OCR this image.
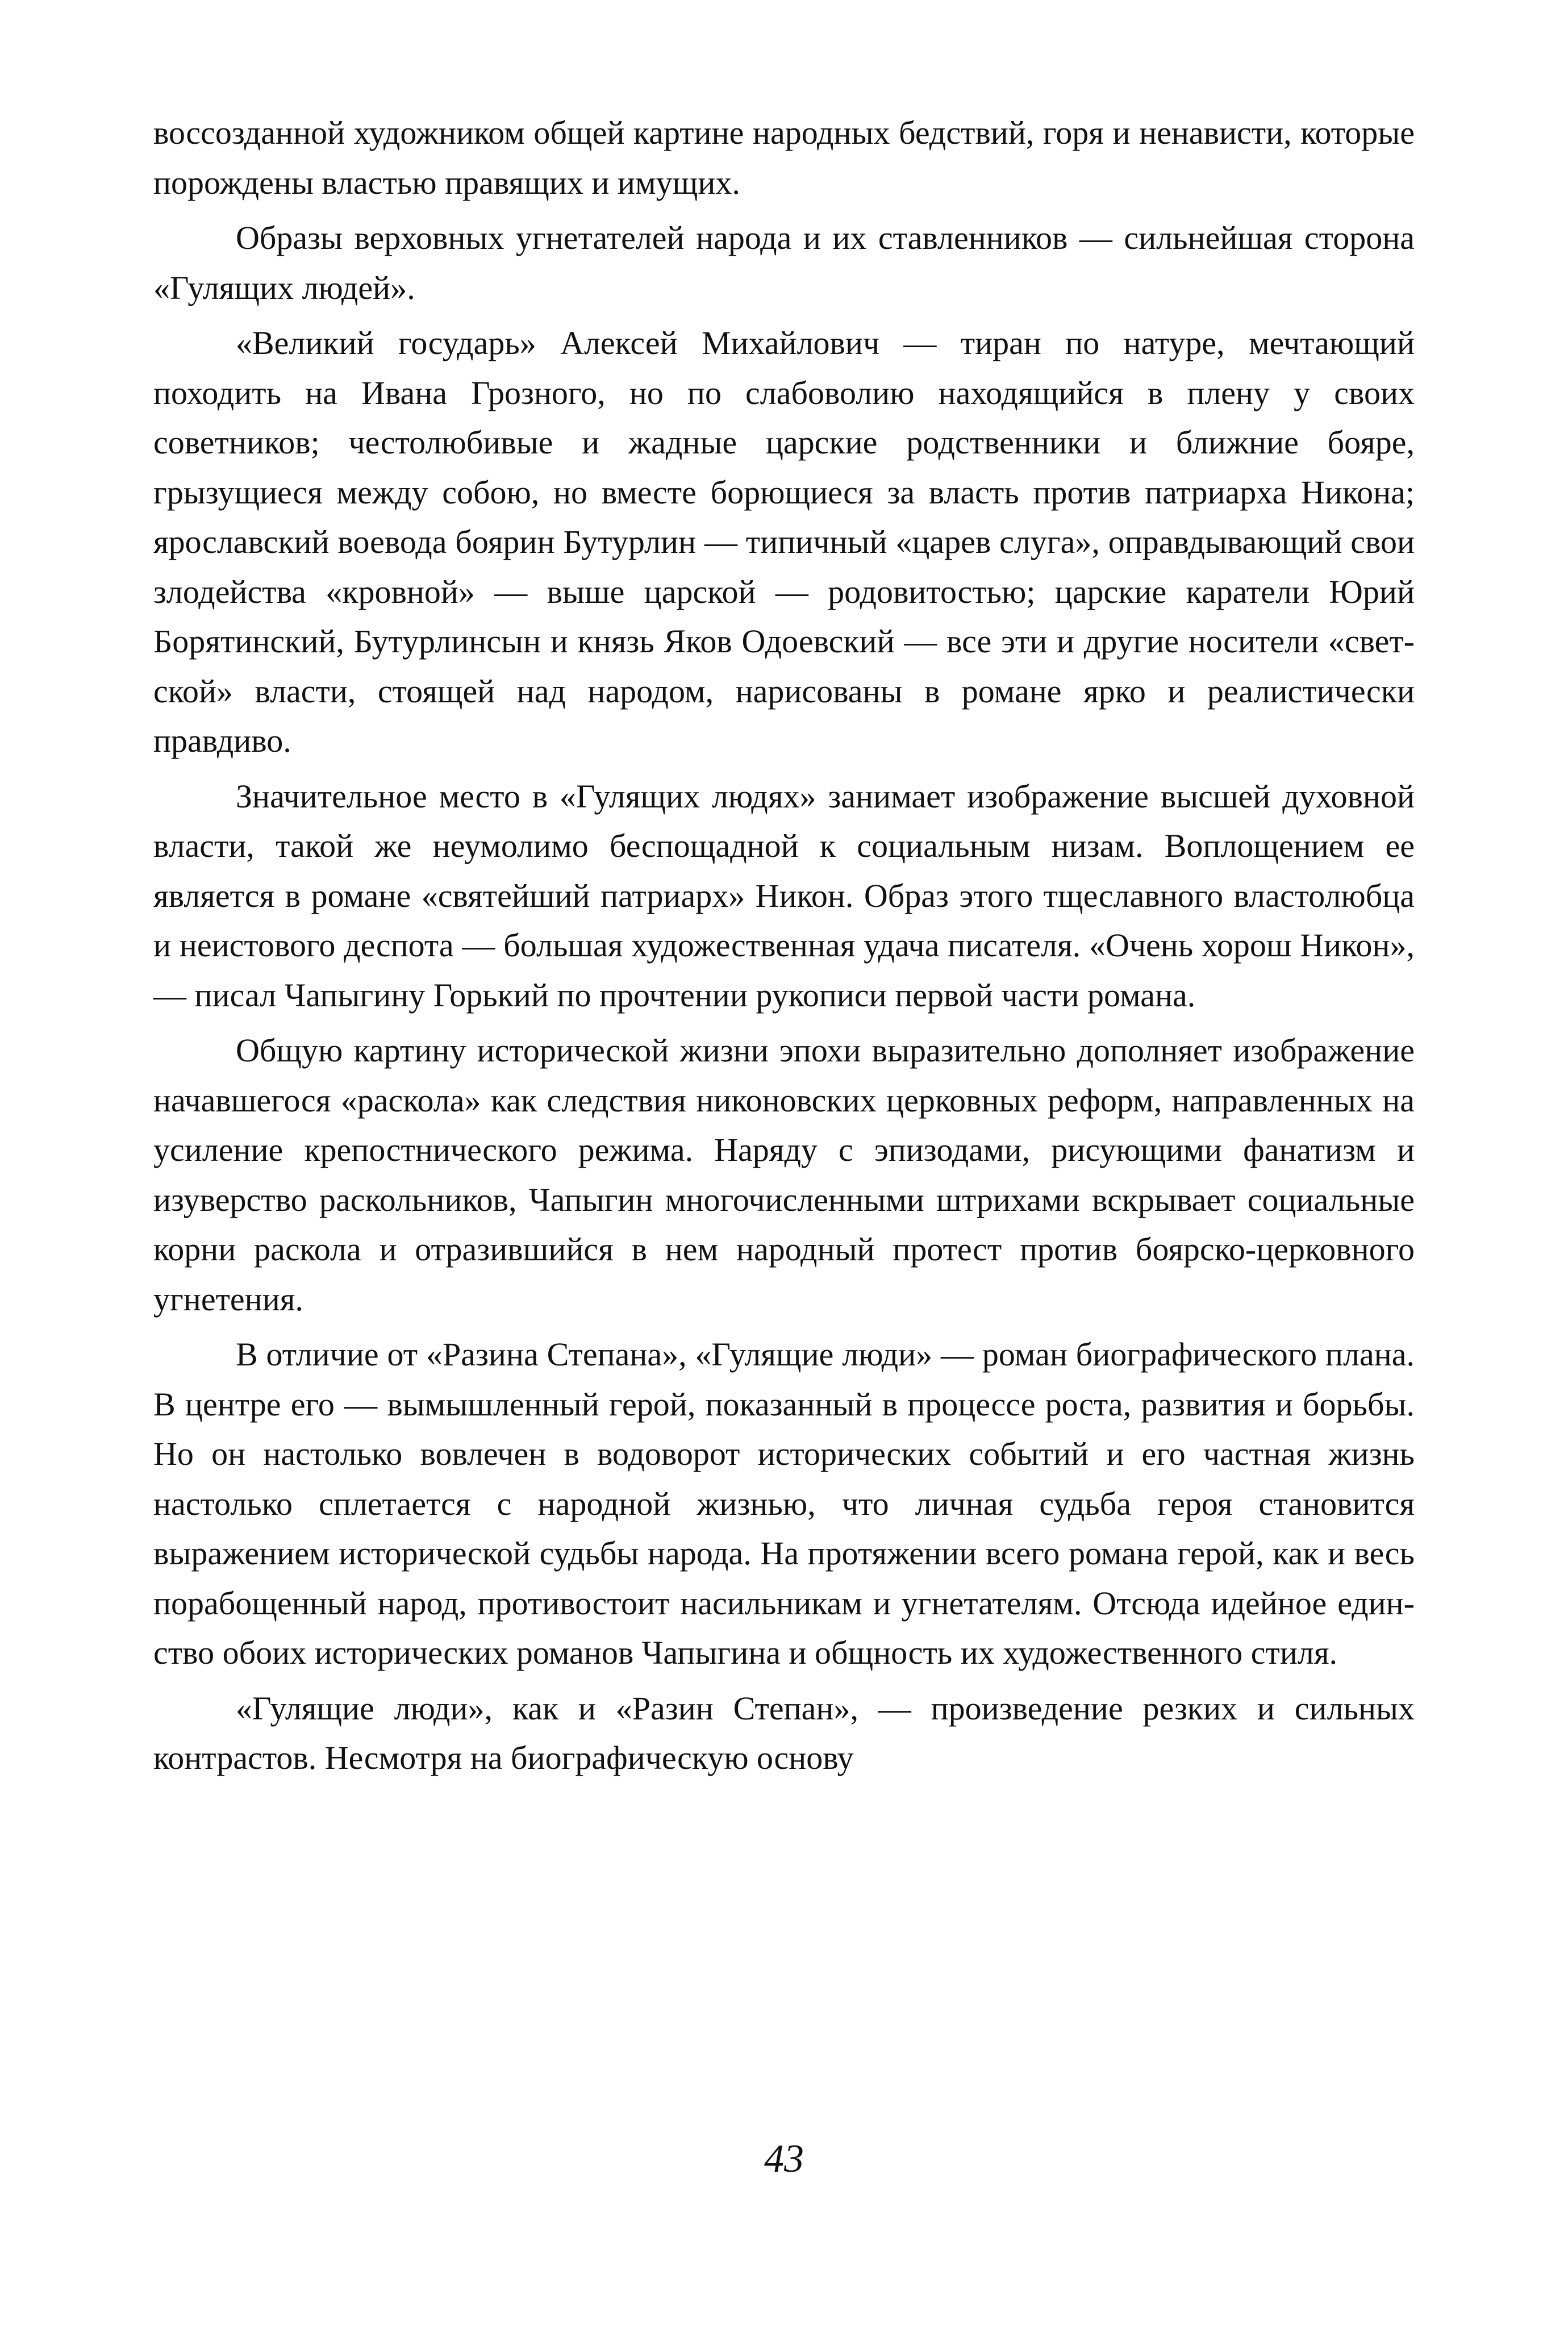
воссозданной художником общей картине народных бедствий, горя и ненависти, которые порождены властью правящих и имущих.

Образы верховных угнетателей народа и их ставленников — сильнейшая сторона «Гулящих людей».

«Великий государь» Алексей Михайлович — тиран по натуре, мечтающий походить на Ивана Грозного, но по слабоволию находящийся в плену у своих советников; честолюбивые и жадные царские родственники и ближние бояре, грызущиеся между собою, но вместе борющиеся за власть против патриарха Никона; ярославский воевода боярин Бутурлин — типичный «царев слуга», оправдывающий свои злодейства «кровной» — выше царской — родовитостью; царские каратели Юрий Борятинский, Бутурлинсын и князь Яков Одоевский — все эти и другие носители «светской» власти, стоящей над народом, нарисованы в романе ярко и реалистически правдиво.

Значительное место в «Гулящих людях» занимает изображение высшей духовной власти, такой же неумолимо беспощадной к социальным низам. Воплощением ее является в романе «святейший патриарх» Никон. Образ этого тщеславного властолюбца и неистового деспота — большая художественная удача писателя. «Очень хорош Никон», — писал Чапыгину Горький по прочтении рукописи первой части романа.

Общую картину исторической жизни эпохи выразительно дополняет изображение начавшегося «раскола» как следствия никоновских церковных реформ, направленных на усиление крепостнического режима. Наряду с эпизодами, рисующими фанатизм и изуверство раскольников, Чапыгин многочисленными штрихами вскрывает социальные корни раскола и отразившийся в нем народный протест против боярско-церковного угнетения.

В отличие от «Разина Степана», «Гулящие люди» — роман биографического плана. В центре его — вымышленный герой, показанный в процессе роста, развития и борьбы. Но он настолько вовлечен в водоворот исторических событий и его частная жизнь настолько сплетается с народной жизнью, что личная судьба героя становится выражением исторической судьбы народа. На протяжении всего романа герой, как и весь порабощенный народ, противостоит насильникам и угнетателям. Отсюда идейное единство обоих исторических романов Чапыгина и общность их художественного стиля.

«Гулящие люди», как и «Разин Степан», — произведение резких и сильных контрастов. Несмотря на биографическую основу

43
